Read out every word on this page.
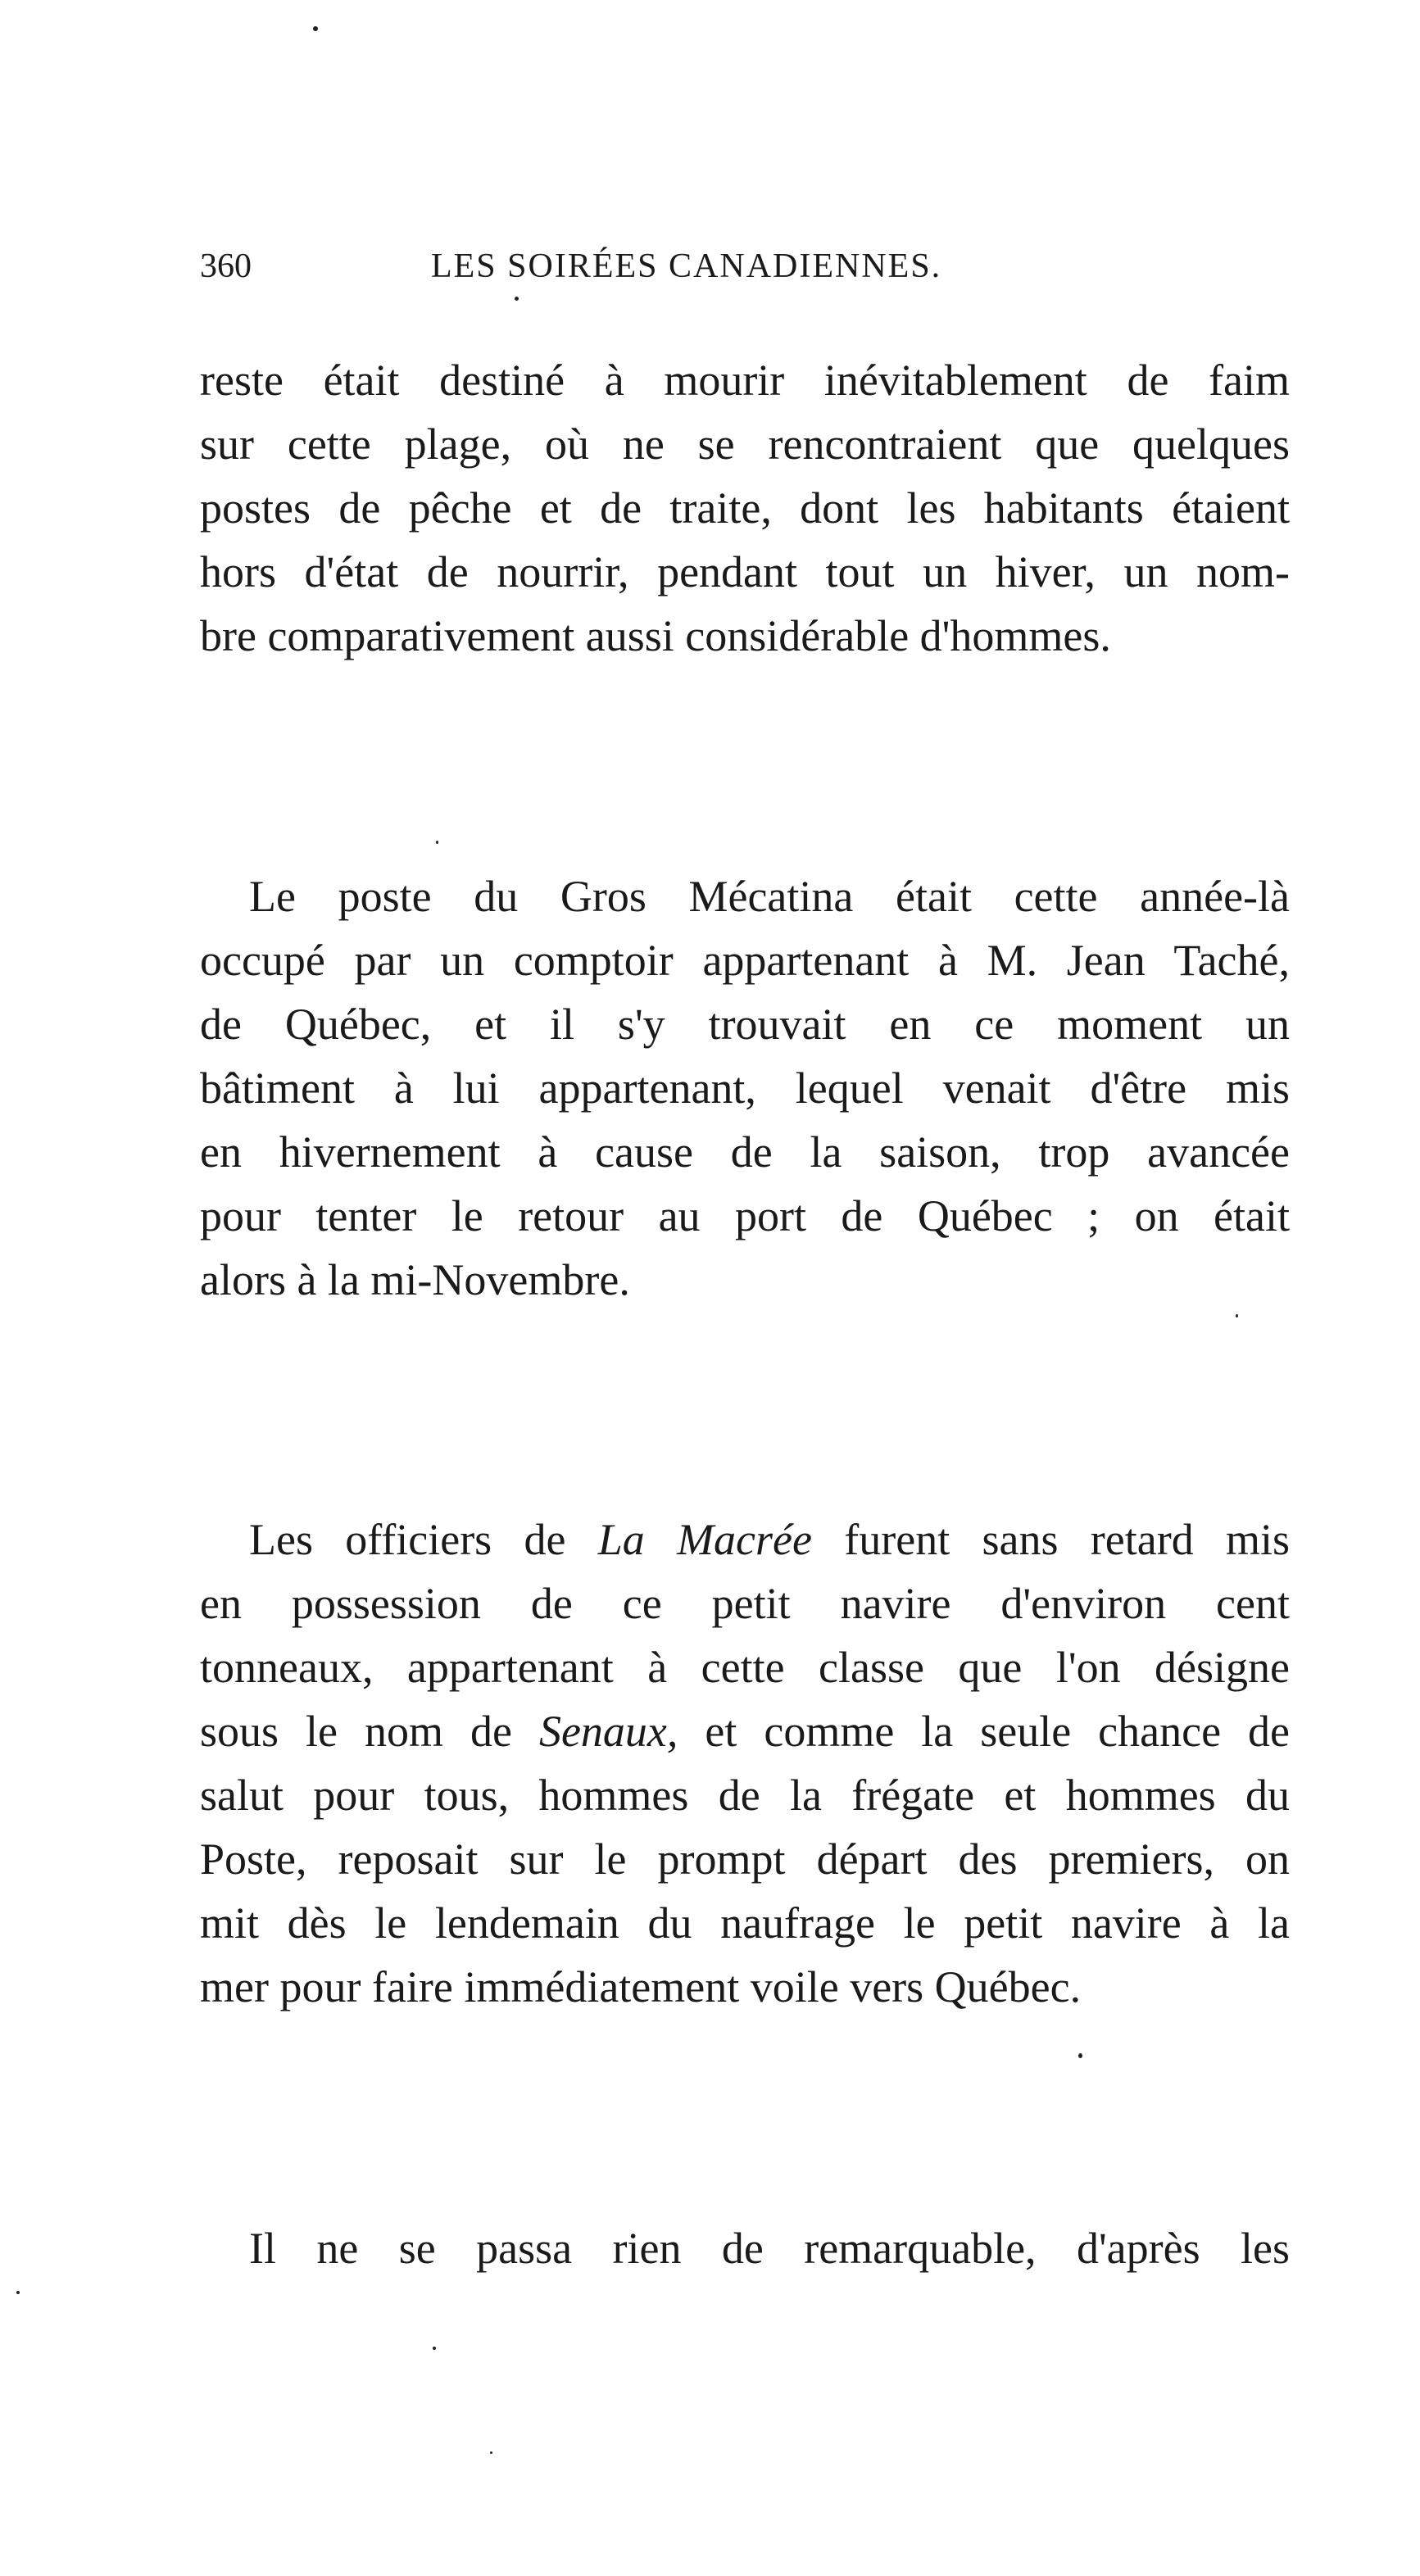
360	LES SOIRÉES CANADIENNES.
reste était destiné à mourir inévitablement de faim
sur cette plage, où ne se rencontraient que quelques
postes de pêche et de traite, dont les habitants étaient
hors d'état de nourrir, pendant tout un hiver, un nom-
bre comparativement aussi considérable d'hommes.
Le poste du Gros Mécatina était cette année-là
occupé par un comptoir appartenant à M. Jean Taché,
de Québec, et il s'y trouvait en ce moment un
bâtiment à lui appartenant, lequel venait d'être mis
en hivernement à cause de la saison, trop avancée
pour tenter le retour au port de Québec ; on était
alors à la mi-Novembre.
Les officiers de La Macrée furent sans retard mis
en possession de ce petit navire d'environ cent
tonneaux, appartenant à cette classe que l'on désigne
sous le nom de Senaux, et comme la seule chance de
salut pour tous, hommes de la frégate et hommes du
Poste, reposait sur le prompt départ des premiers, on
mit dès le lendemain du naufrage le petit navire à la
mer pour faire immédiatement voile vers Québec.
Il ne se passa rien de remarquable, d'après les
